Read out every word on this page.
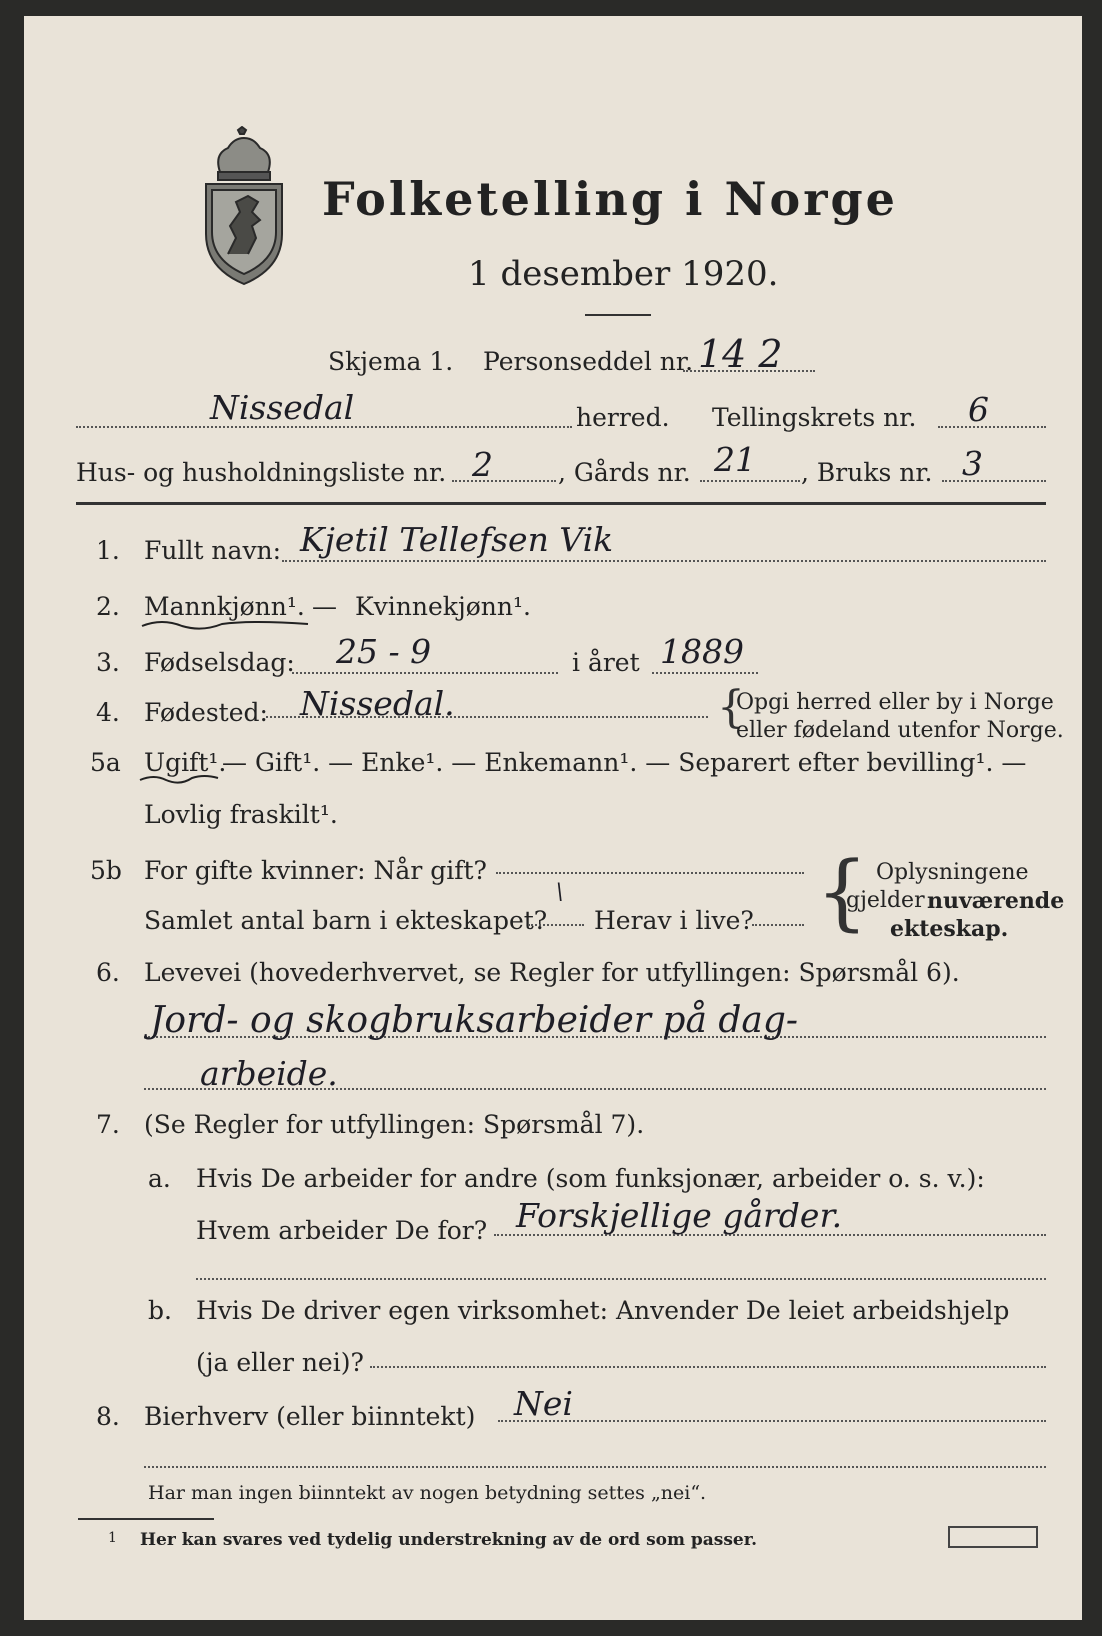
Folketelling i Norge
1 desember 1920.
Skjema 1. Personseddel nr. 14 2
Nissedal	herred. Tellingskrets nr. 6
Hus- og husholdningsliste nr. 2	, Gårds nr. 21 , Bruks nr. 3
1. Fullt navn: Kjetil Tellefsen Vik
2. Mannkjønn¹. — Kvinnekjønn¹.
3. Fødselsdag: 25 - 9	i året 1889
4. Fødested: Nissedal.	{
Opgi herred eller by i Norge
eller fødeland utenfor Norge.
5a Ugift¹.
— Gift¹. — Enke¹. — Enkemann¹. — Separert efter bevilling¹. —
Lovlig fraskilt¹.
5b For gifte kvinner: Når gift?
Samlet antal barn i ekteskapet?
\
Herav i live? { Oplysningene
gjelder nuværende
ekteskap.
6. Levevei (hovederhvervet, se Regler for utfyllingen: Spørsmål 6).
Jord- og skogbruksarbeider på dag-
arbeide.
7. (Se Regler for utfyllingen: Spørsmål 7).
a. Hvis De arbeider for andre (som funksjonær, arbeider o. s. v.):
Hvem arbeider De for? Forskjellige gårder.
b. Hvis De driver egen virksomhet: Anvender De leiet arbeidshjelp
(ja eller nei)?
8. Bierhverv (eller biinntekt) Nei
Har man ingen biinntekt av nogen betydning settes „nei“.
1 Her kan svares ved tydelig understrekning av de ord som passer.
